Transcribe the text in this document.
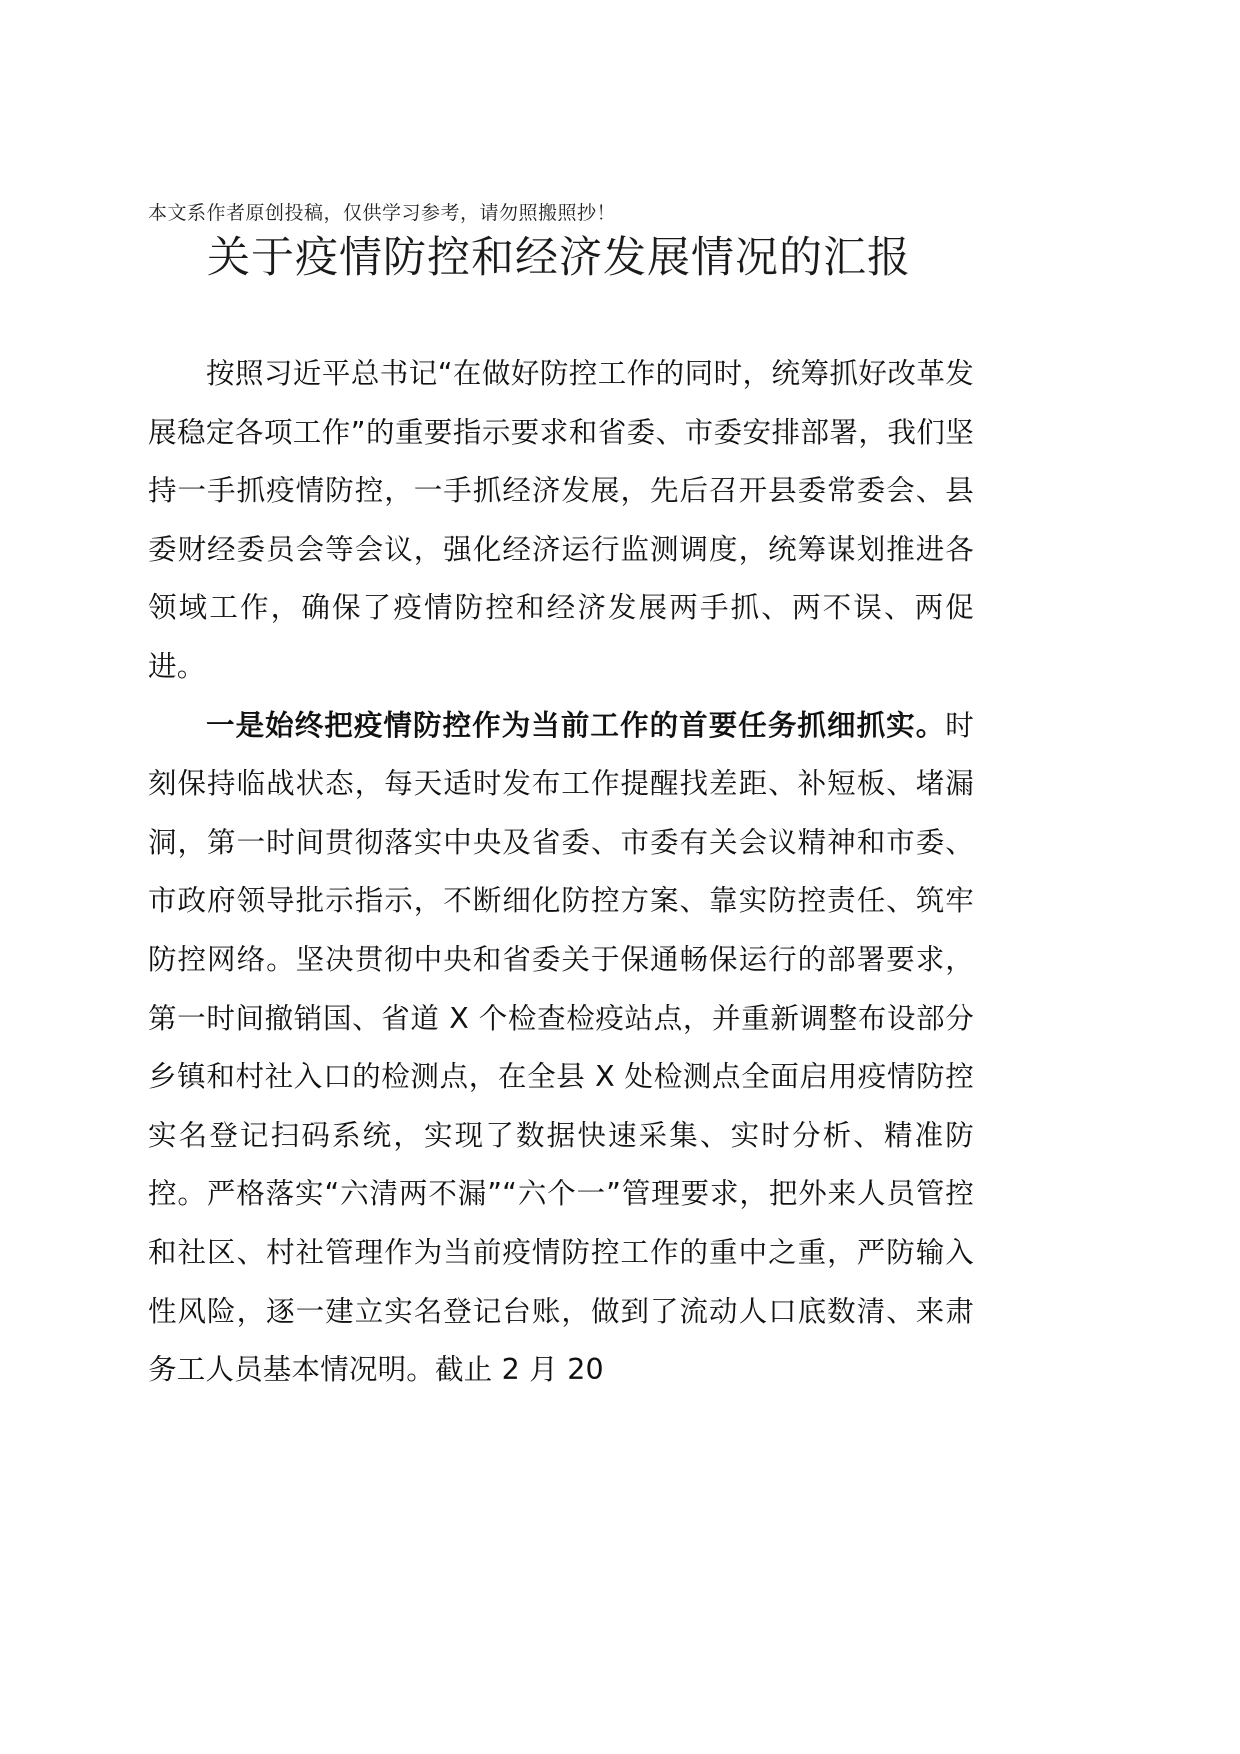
本文系作者原创投稿，仅供学习参考，请勿照搬照抄！
关于疫情防控和经济发展情况的汇报

按照习近平总书记“在做好防控工作的同时，统筹抓好改革发展稳定各项工作”的重要指示要求和省委、市委安排部署，我们坚持一手抓疫情防控，一手抓经济发展，先后召开县委常委会、县委财经委员会等会议，强化经济运行监测调度，统筹谋划推进各领域工作，确保了疫情防控和经济发展两手抓、两不误、两促进。

一是始终把疫情防控作为当前工作的首要任务抓细抓实。时刻保持临战状态，每天适时发布工作提醒找差距、补短板、堵漏洞，第一时间贯彻落实中央及省委、市委有关会议精神和市委、市政府领导批示指示，不断细化防控方案、靠实防控责任、筑牢防控网络。坚决贯彻中央和省委关于保通畅保运行的部署要求，第一时间撤销国、省道 X 个检查检疫站点，并重新调整布设部分乡镇和村社入口的检测点，在全县 X 处检测点全面启用疫情防控实名登记扫码系统，实现了数据快速采集、实时分析、精准防控。严格落实“六清两不漏”“六个一”管理要求，把外来人员管控和社区、村社管理作为当前疫情防控工作的重中之重，严防输入性风险，逐一建立实名登记台账，做到了流动人口底数清、来肃务工人员基本情况明。截止 2 月 20
